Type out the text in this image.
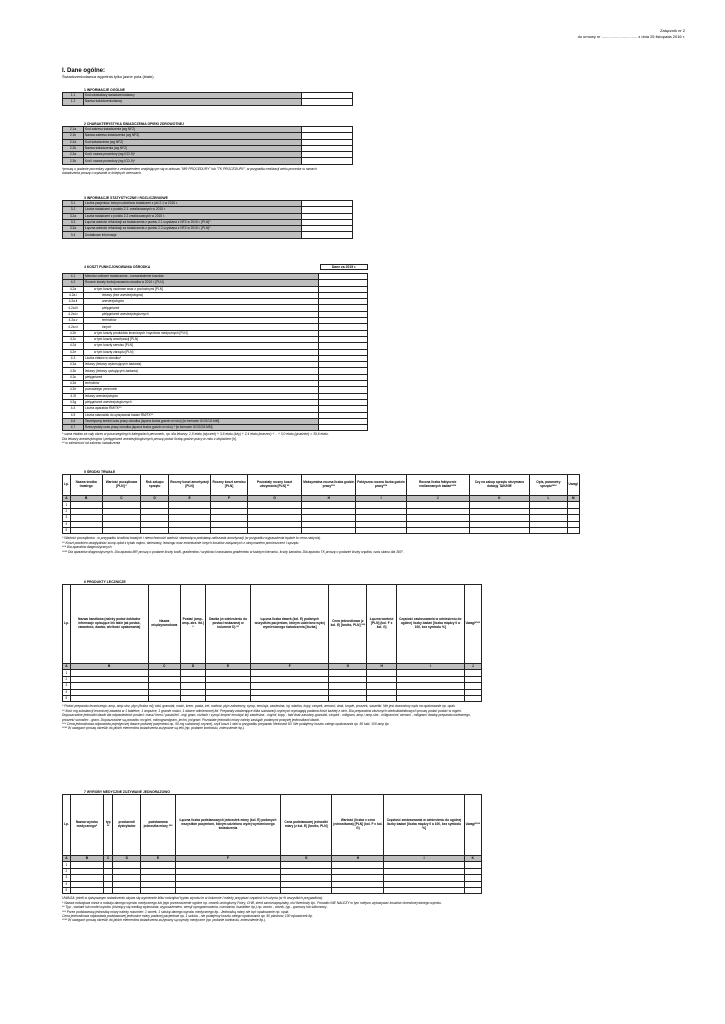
Załącznik nr 2
do umowy nr ................................ z dnia 25 listopada 2016 r.
I. Dane ogólne:
Świadczeniodawca wypełnia tylko jasne pola (białe)
1 INFORMACJE OGÓLNE
1.1	Kod oddziałowy świadczeniodawcy	
1.2	Nazwa świadczeniodawcy	
2 CHARAKTERYSTYKA ŚWIADCZENIA OPIEKI ZDROWOTNEJ
2.1a	Kod zakresu świadczenia (wg NFZ)	
2.1b	Nazwa zakresu świadczenia (wg NFZ)	
2.2a	Kod świadczenia (wg NFZ)	
2.2b	Nazwa świadczenia (wg NFZ)	
2.3a	Kod i nazwa procedury (wg ICD-9)*	
2.3b	Kod i nazwa procedury (wg ICD-9)*	
*proszę o podanie procedury zgodnie z zestawieniem znajdującym się w arkuszu "MR PROCEDURY" lub "TK PROCEDURY", w przypadku realizacji wielu procedur w ramach świadczenia proszę o wpisanie w kolejnych wierszach.
3 INFORMACJE STATYSTYCZNE I ROZLICZENIOWE
3.1	Liczba pacjentów, którym udzielono świadczeń z pkt 2.1 w 2015 r.	
3.2	Liczba świadczeń z punktu 2.1. zrealizowanych w 2015 r.	
3.2a	Liczba świadczeń z punktu 2.2 zrealizowanych w 2015 r.	
3.3	Łączna wartość refundacji za świadczenia z punktu 2.1 uzyskana z NFZ w 2015 r. [PLN]*	
3.3a	Łączna wartość refundacji za świadczenia z punktu 2.2 uzyskana z NFZ w 2015 r. [PLN]*	
3.4	Dodatkowe informacje	
4 KOSZT FUNKCJONOWANIA OŚRODKA	Dane za 2015 r.
4.1	Metoda rozliczeń świadczenia - rozwarstwienie kosztów	
4.2	Roczne koszty funkcjonowania ośrodka w 2015 r. [PLN]	
4.2a	w tym koszty osobowe wraz z pochodnymi [PLN]	
4.2a.i	lekarzy (bez anestezjologów)	
4.2a.ii	anestezjologów	
4.2a.iii	pielęgniarek	
4.2a.iv	pielęgniarek anestezjologicznych	
4.2a.v	techników	
4.2a.vi	innych	
4.2b	w tym koszty produktów leczniczych i wyrobów medycznych [PLN]	
4.2c	w tym koszty amortyzacji [PLN]	
4.2d	w tym koszty serwisu [PLN]	
4.2e	w tym koszty zarządu [PLN]	
4.3	Liczba etatów w ośrodku*	
4.3a	lekarzy (lekarzy wykonujących badania)	
4.3b	lekarzy (lekarzy opisujących badania)	
4.3c	pielęgniarek	
4.3d	techników	
4.3e	pozostałego personelu	
4.3f	lekarzy anestezjologów	
4.3g	pielęgniarek anestezjologicznych	
4.4	Liczba aparatów RM/TK**	
4.5	Liczba stanowisk do opisywania badań RM/TK**	
4.6	Teoretyczny średni czas pracy ośrodka (łączna liczba godzin w roku) [w formacie GGGGG:MM]	
4.7	Rzeczywisty czas pracy ośrodka (łączna liczba godzin w roku) * [w formacie GGGGG:MM]	
* suma etatów za cały okres w poszczególnych kategoriach personelu, np. dla lekarzy: 1,5 etatu (styczeń) + 3,6 etatu (luty) + 2,4 etatu (marzec) + .. + 3,0 etatu (grudzień) = 39,6 etatu. Dla lekarzy anestezjologów i pielęgniarek anestezjologicznych proszę podać liczbę godzin pracy w roku z dopiskiem [h].
** w zależności od zakresu świadczenia
5 ŚRODKI TRWAŁE
Lp.	Nazwa środka trwałego	Wartość początkowa [PLN] *	Rok zakupu sprzętu	Roczny koszt amortyzacji [PLN]	Roczny koszt serwisu [PLN]	Pozostały roczny koszt utrzymania [PLN] **	Maksymalna roczna liczba godzin pracy***	Faktyczna roczna liczba godzin pracy***	Roczna liczba faktycznie realizowanych badań****	Czy na zakup sprzętu otrzymano dotację TAK/NIE	Opis, parametry sprzętu****	Uwagi
A	B	C	D	E	F	G	H	I	J	K	L	M
1												
2												
3												
4												
5												
* Wartość początkowa - w przypadku środków trwałych i nieruchomości wartość stanowiąca podstawę naliczania amortyzacji (w przypadku wypasażenia będzie to cena nabycia).
** Koszt powinien uwzględniać sumę opłat z tytułu najmu, dzierżawy, leasingu oraz ewentualnie innych kosztów związanych z utrzymaniem pomieszczeń i sprzętu.
*** Dla aparatów diagnostycznych.
**** Dla aparatów diagnostycznych. Dla aparatu MR proszę o podanie liczby kodli, gradientów i szybkości narastania gradientów w każdym kierunku, liczby kanałów. Dla aparatu TK proszę o podanie liczby rzędów, czas skanu dla 360°.
6 PRODUKTY LECZNICZE
Lp.	Nazwa handlowa (należy podać dokładne informacje opisujące lek takie jak postać, zawartość, dawka, wielkość opakowania)	Nazwa międzynarodowa	Postać (amp., amp.-strz. itd.) *	Dawka (w odniesieniu do postaci wskazanej w kolumnie D) **	Łączna liczba dawek (kol. E) podanych wszystkim pacjentom, którym udzielono wyżej wymienionego świadczenia [liczba]	Cena jednostkowa (z kol. E) [brutto, PLN] ***	Łączna wartość [PLN] (kol. F x kol. G)	Częstość zastosowania w odniesieniu do ogólnej liczby badań [liczba między 0 a 100, bez symbolu %]	Uwagi****
A	B	C	D	E	F	G	H	I	J
1									
2									
3									
4									
5									
* Podać preparatu leczniczego: amp, amp-strz, płyn (liczba ml), tabl, granulat, maść, krem, pasta, żel, roztwór, płyn zatrzewny, syrop, emulsja, zawiesina, inj, włańka, kopy, czopek, aerozol, draż, krople, proszek, saszetki. Nie jest dozwolony wpis na opakowanie np. opak.
** Ilość mg substancji leczniczej zawarta w 1 tabletce, 1 ampułce, 1 gramie maści, 1 dawce odmierzonej itd. Preparaty zawierające kilka substancji czynnych wymagają podania ilości każdej z nich. Dla preparatów złożonych wieloskładnikowych proszę podać postać w mg/ml.
Dopuszczalne jednostki dawki dla odpowiednich postaci: mass/ krem / pasta/żel - mg/ gram, roztwór / syrop/ krople/ emulsja/ inj/ zawiesina - mg/ml, kopy - tabl draż-zasobny-granulat, czopek - miligram, amp / amp-strz - miligram/ml, aerozol - miligram/ dawkę preparatu wziewnego, proszek/ surowiec - gram. Dopuszczalne są ponadto: mcg/ml, mikrogram/gram, jm/ml, jm/gram. Pozostałe jednostki miary należy zastąpić podanymi powyżej jednostkami dawki.
*** Cena jednostkowa odpowiada pojedynczej dawce podanej pacjentowi np. 50 mg substancji czynnej, czyli koszt 1 tabl w przypadku preparatu Metocard 50. Nie podajemy kosztu całego opakowania np. 50 tabl. 100 amp itp.
**** W uwagach proszę określić do jakich elementów świadczenia zużywane są leki (np. podanie kontrastu, znieczulenie itp.).
7 WYROBY MEDYCZNE ZUŻYWANE JEDNORAZOWO
Lp.	Nazwa wyrobu medycznego*	typ **	producent/ dystrybutor	podstawowa jednostka miary ***	Łączna liczba podstawowych jednostek miary (kol. E) podanych wszystkim pacjentom, którym udzielono wyżej wymienionego świadczenia	Cena podstawowej jednostki miary (z kol. E) [brutto, PLN]	Wartość (liczba x cena jednostkowa) [PLN] (kol. F x kol. G)	Częstość zastosowania w odniesieniu do ogólnej liczby badań [liczba między 0 a 100, bez symbolu %]	Uwagi****
A	B	C	D	E	F	G	H	I	K
1									
2									
3									
4									
5									
UWAGA: jeżeli w opisywanym świadczeniu używa się wymiennie kilku rodzajów/ typów wyrobu to w kolumnie I należy przypisać częstość ich użycia (w % wszystkich przypadków)
* Nazwa rodzajowa minut a rodzaju danego wyrobu medycznego lub jego przeznaczenie ogólne np. cewnik urologiczny Foley, CHB, stent samorozprężalny, nici fizerkowy itp.. Ponadto NIE NALEŻY w tym miejscu wykazywać kosztów określonej danego wyrobu.
** Typ - wariant lub model wyrobu (różniący się według wykonania, wyposażeniem, wersji oprogramowania, rozmiarów, kształtem itp.) np. worko - ciwnik, typ - gumowy lub silikonowy .
*** Przez podstawową jednostkę miary należy rozumieć: 1 worek, 1 sztukę danego wyrobu medycznego itp.. Jednostką miary nie być opakowanie np. opak.
Cena jednostkowa odpowiada podstawowej jednostce miary podanej pacjentowi np. 1 sztuka - nie podajemy kosztu całego opakowania np. 50 plastrów, 100 rękawiczek itp.
**** W uwagach proszę określić do jakich elementów świadczenia zużywany są wyroby medyczne (np. podanie kontrastu, znieczulenie itp.).
